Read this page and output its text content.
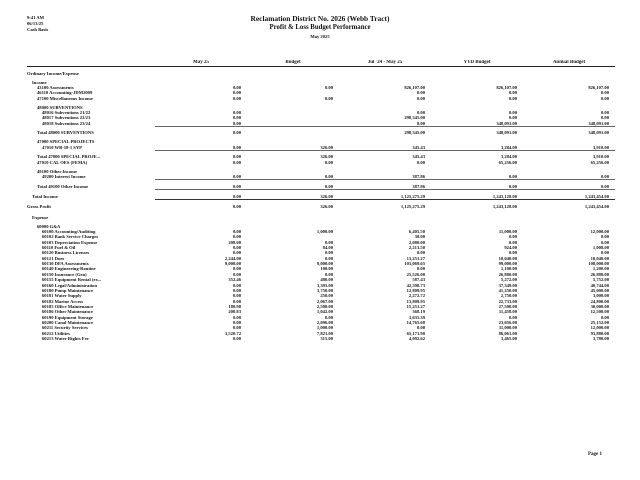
9:41 AM
06/13/25
Cash Basis
Reclamation District No. 2026 (Webb Tract)
Profit & Loss Budget Performance
May 2025
	May 25	Budget	Jul '24 - May 25	YTD Budget	Annual Budget
Ordinary Income/Expense					
Income					
43100 Assessments	0.00	0.00	826,107.00	826,107.00	826,107.00
46110 Accounting-JDM2009	0.00		0.00	0.00	0.00
47100 Miscellaneous Income	0.00	0.00	0.00	0.00	0.00
48000 SUBVENTIONS					
48016 Subventions 21/22	0.00		0.00	0.00	0.00
48017 Subventions 22/23	0.00		298,345.00	0.00	0.00
48018 Subventions 23/24	0.00		0.00	348,091.00	348,091.00
Total 48000 SUBVENTIONS	0.00		298,345.00	348,091.00	348,091.00
47000 SPECIAL PROJECTS					
47010 WB-18-1 SYP	0.00	326.00	345.43	3,284.00	3,910.00
Total 47000 SPECIAL PROJE...	0.00	326.00	345.43	3,284.00	3,910.00
47010 CAL OES (FEMA)	0.00	0.00	0.00	65,256.00	65,256.00
49100 Other Income					
49200 Interest Income	0.00	0.00	387.86	0.00	0.00
Total 49100 Other Income	0.00	0.00	387.86	0.00	0.00
Total Income	0.00	326.00	1,125,275.29	1,243,128.00	1,243,454.00
Gross Profit	0.00	326.00	1,125,275.29	1,243,128.00	1,243,454.00
Expense					
60000 G&A					
60100 Accounting/Auditing	0.00	1,000.00	6,405.50	11,000.00	12,000.00
60102 Bank Service Charges	0.00		30.00	0.00	0.00
60103 Depreciation Expense	208.00	0.00	2,080.00	0.00	0.00
60110 Fuel & Oil	0.00	84.00	2,213.50	924.00	1,008.00
60120 Business Licenses	0.00	0.00	0.00	0.00	0.00
60121 Dues	2,244.00	0.00	13,251.27	10,040.00	10,040.00
60130 DFA Assessments	9,000.00	9,000.00	103,069.65	99,000.00	108,000.00
60140 Engineering-Routine	0.00	100.00	0.00	1,100.00	1,200.00
60150 Insurance (Gen)	0.00	0.00	25,526.00	26,880.00	26,880.00
60155 Equipment Rental (ex...	352.46	480.00	587.43	5,272.00	5,752.00
60160 Legal/Administration	0.00	3,395.00	42,598.73	37,349.00	40,744.00
60180 Pump Maintenance	0.00	3,750.00	12,809.95	41,250.00	45,000.00
60181 Water Supply	0.00	250.00	2,272.72	2,750.00	3,000.00
60182 Marine Access	0.00	2,067.00	13,809.95	22,733.00	24,800.00
60185 Office Maintenance	180.98	2,500.00	15,251.27	27,500.00	30,000.00
60186 Other Maintenance	200.83	1,042.00	368.19	11,458.00	12,500.00
60190 Equipment Storage	0.00	0.00	3,635.39	0.00	0.00
60200 Canal Maintenance	0.00	2,096.00	14,765.68	23,056.00	25,152.00
60211 Security Services	0.00	1,000.00	0.00	11,000.00	12,000.00
60212 Utilities	3,520.72	7,821.00	65,171.90	86,061.00	93,880.00
60213 Water Rights Fee	0.00	315.00	4,092.62	3,465.00	3,780.00
Page 1
